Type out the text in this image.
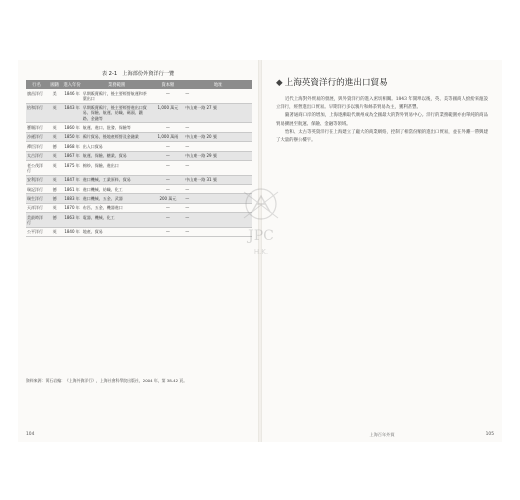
表 2-1　上海部份外資洋行一覽
行名	國籍	進入年份	業務範圍	資本額	地址
旗昌洋行	美	1846 年	早期販賣鴉片，後主要經營航運和茶葉出口	—	—
怡和洋行	英	1843 年	早期販賣鴉片，後主要經營進出口貿易、保險、航運、紡織、碼頭、鐵路、金融等	1,000 萬元	中山東一路 27 號
寶順洋行	英	1860 年	航運、進口、批發、保險等	—	—
沙遜洋行	英	1850 年	鴉片貿易，後地產經營及金融業	1,000 萬兩	中山東一路 20 號
禪臣洋行	德	1868 年	出入口貿易	—	—
太古洋行	英	1867 年	航運、保險、糖業、貿易	—	中山東一路 29 號
老公茂洋行	英	1875 年	棉紗、保險、進出口	—	—
安利洋行	英	1847 年	進口機械、工業原料、貿易	—	中山東一路 31 號
瑞記洋行	德	1861 年	進口機械、紡織、化工	—	—
瑞生洋行	德	1883 年	進口機械、五金、武器	200 萬元	—
天祥洋行	英	1870 年	布匹、五金、機器進口	—	—
美最時洋行	德	1863 年	電器、機械、化工	—	—
公平洋行	英	1840 年	地產、貿易	—	—
資料來源：黃石岩編：《上海外資洋行》，上海社會科學院出版社，2004 年，第 38-42 頁。
104
◆ 上海英資洋行的進出口貿易

近代上海對外貿易的發展，與外資洋行的進入密切相關。1843 年開埠以後，英、美等國商人紛紛來滬設立洋行，經營進出口貿易。早期洋行多以鴉片和絲茶貿易為主，獲利甚豐。

隨著通商口岸的增加，上海逐漸取代廣州成為全國最大的對外貿易中心。洋行的業務範圍亦由單純的商品貿易擴展至航運、保險、金融等領域。

怡和、太古等英資洋行在上海建立了龐大的商業網絡，控制了相當份額的進出口貿易，並在外灘一帶興建了大量的辦公樓宇。

上海百年外貿	105
JPC
H.K.
